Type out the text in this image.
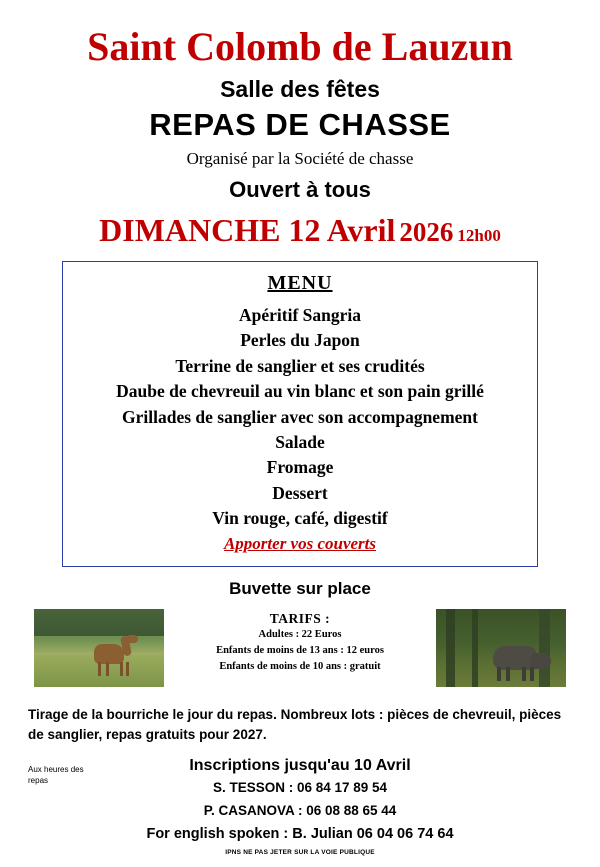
Saint Colomb de Lauzun
Salle des fêtes
REPAS DE CHASSE
Organisé par la Société de chasse
Ouvert à tous
DIMANCHE 12 Avril 2026 12h00
MENU
Apéritif Sangria
Perles du Japon
Terrine de sanglier et ses crudités
Daube de chevreuil au vin blanc et son pain grillé
Grillades de sanglier avec son accompagnement
Salade
Fromage
Dessert
Vin rouge, café, digestif
Apporter vos couverts
Buvette sur place
TARIFS :
Adultes : 22 Euros
Enfants de moins de 13 ans : 12 euros
Enfants de moins de 10 ans : gratuit
Tirage de la bourriche le jour du repas. Nombreux lots : pièces de chevreuil, pièces de sanglier, repas gratuits pour 2027.
Aux heures des repas
Inscriptions jusqu'au 10 Avril
S. TESSON : 06 84 17 89 54
P. CASANOVA : 06 08 88 65 44
For english spoken : B. Julian 06 04 06 74 64
IPNS NE PAS JETER SUR LA VOIE PUBLIQUE
